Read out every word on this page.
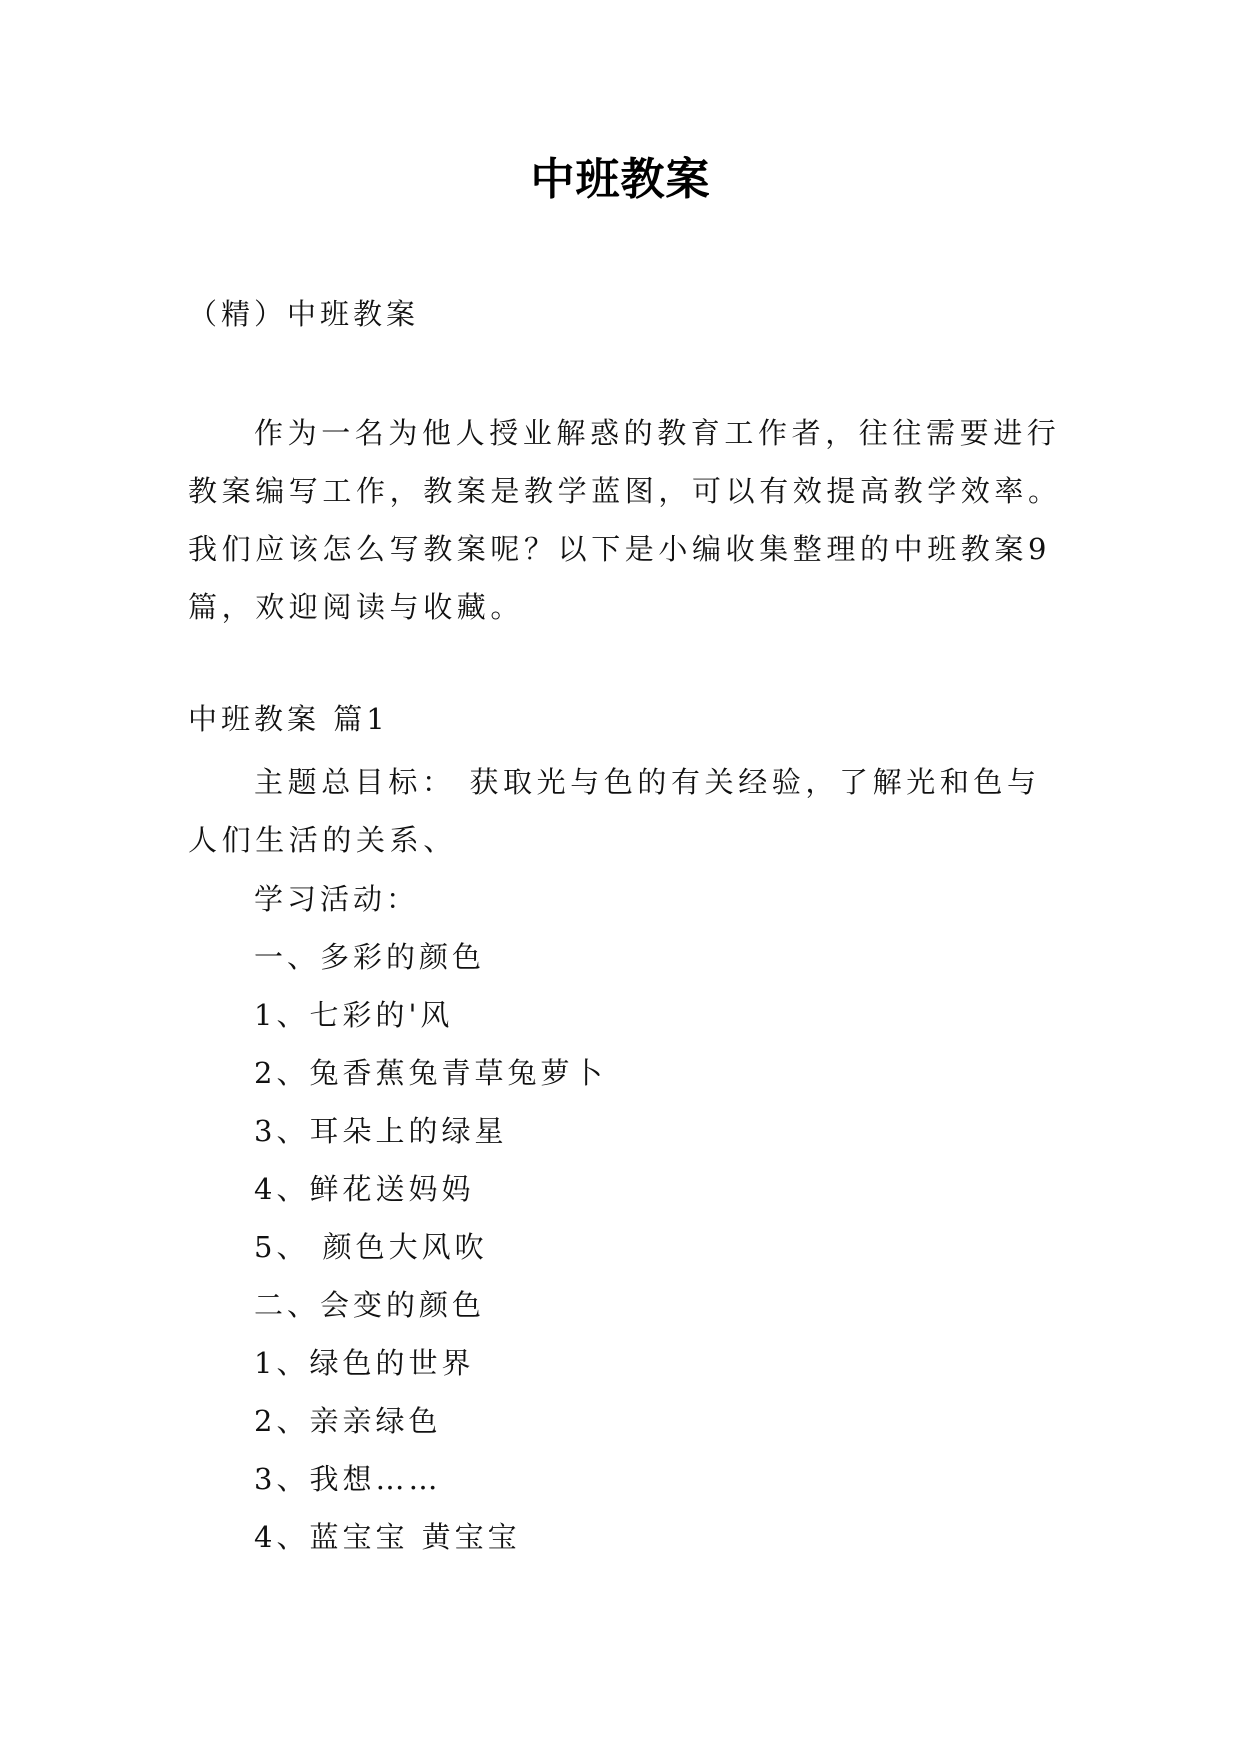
中班教案
（精）中班教案

作为一名为他人授业解惑的教育工作者，往往需要进行教案编写工作，教案是教学蓝图，可以有效提高教学效率。我们应该怎么写教案呢？以下是小编收集整理的中班教案9篇，欢迎阅读与收藏。

中班教案 篇1

主题总目标： 获取光与色的有关经验，了解光和色与人们生活的关系、

学习活动：
一、多彩的颜色
1、七彩的'风
2、兔香蕉兔青草兔萝卜
3、耳朵上的绿星
4、鲜花送妈妈
5、 颜色大风吹
二、会变的颜色
1、绿色的世界
2、亲亲绿色
3、我想……
4、蓝宝宝 黄宝宝
